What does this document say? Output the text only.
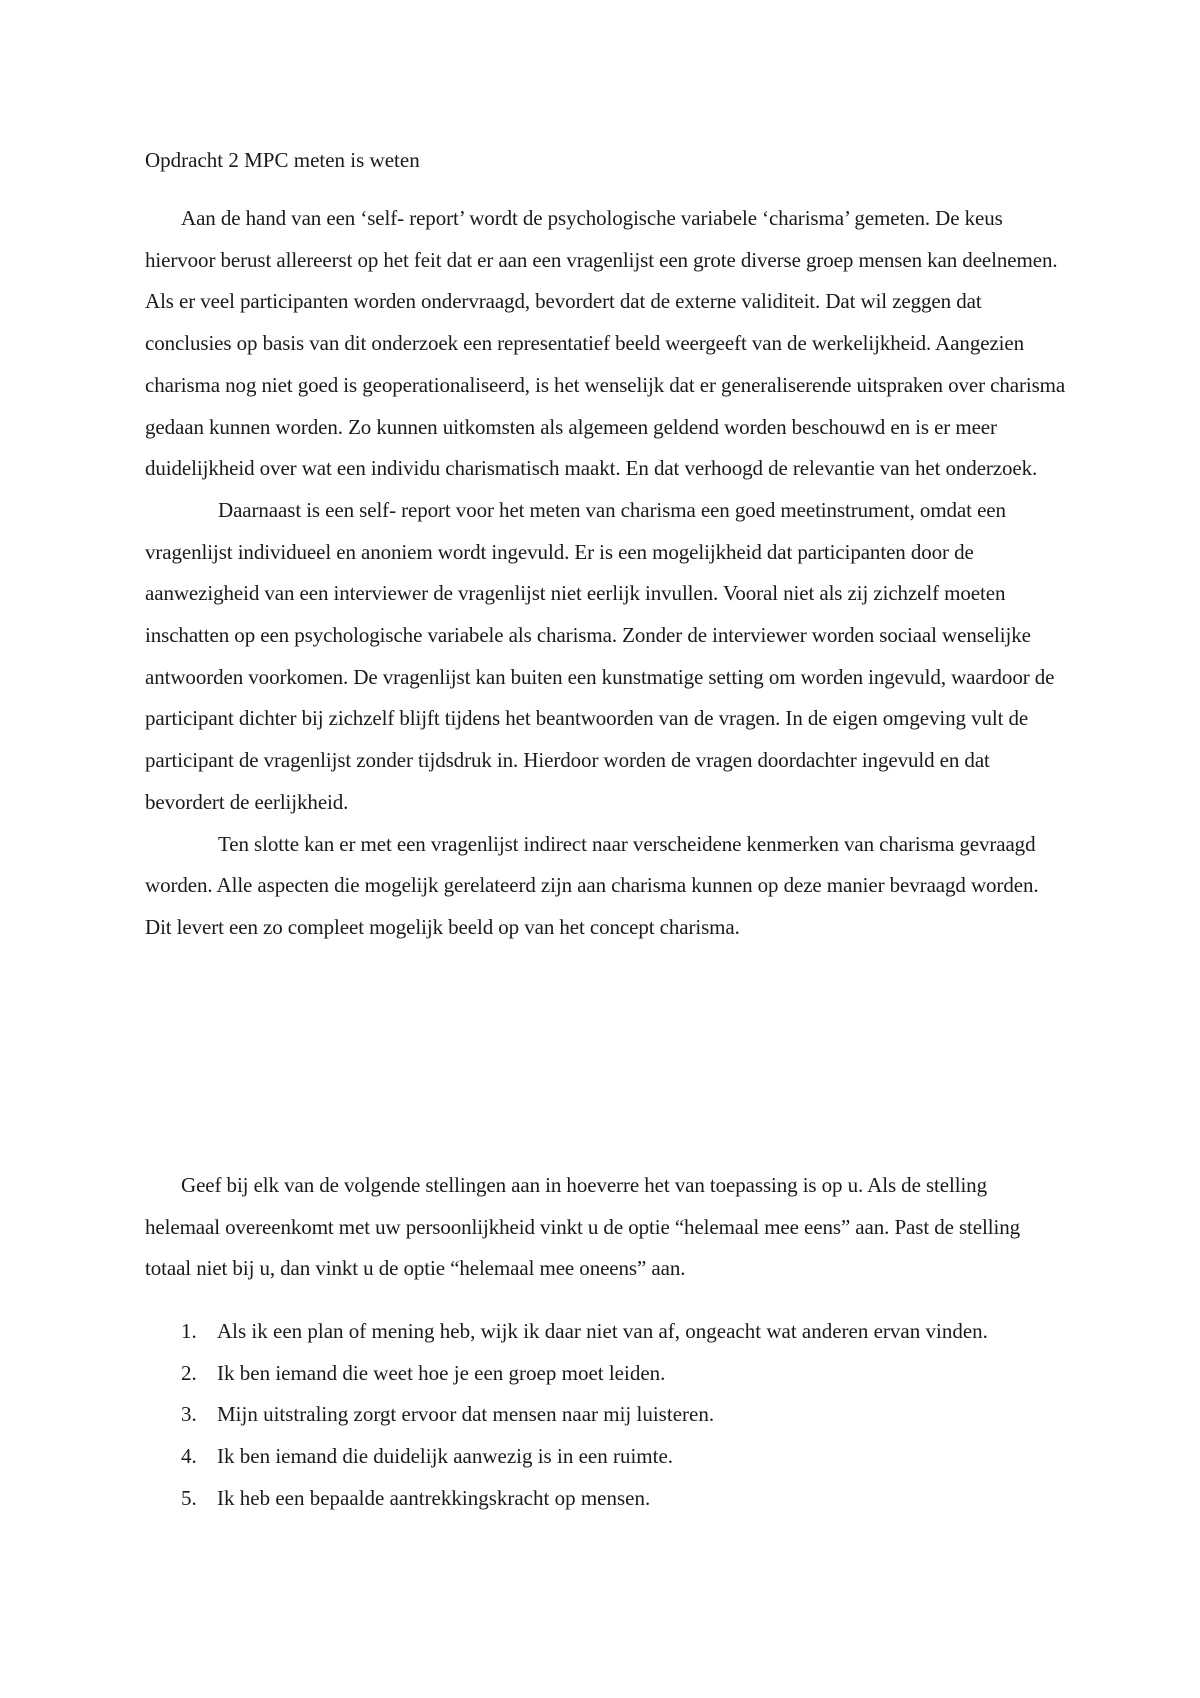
Opdracht 2 MPC meten is weten

Aan de hand van een ‘self- report’ wordt de psychologische variabele ‘charisma’ gemeten. De keus hiervoor berust allereerst op het feit dat er aan een vragenlijst een grote diverse groep mensen kan deelnemen. Als er veel participanten worden ondervraagd, bevordert dat de externe validiteit. Dat wil zeggen dat conclusies op basis van dit onderzoek een representatief beeld weergeeft van de werkelijkheid. Aangezien charisma nog niet goed is geoperationaliseerd, is het wenselijk dat er generaliserende uitspraken over charisma gedaan kunnen worden. Zo kunnen uitkomsten als algemeen geldend worden beschouwd en is er meer duidelijkheid over wat een individu charismatisch maakt. En dat verhoogd de relevantie van het onderzoek.

Daarnaast is een self- report voor het meten van charisma een goed meetinstrument, omdat een vragenlijst individueel en anoniem wordt ingevuld. Er is een mogelijkheid dat participanten door de aanwezigheid van een interviewer de vragenlijst niet eerlijk invullen. Vooral niet als zij zichzelf moeten inschatten op een psychologische variabele als charisma. Zonder de interviewer worden sociaal wenselijke antwoorden voorkomen. De vragenlijst kan buiten een kunstmatige setting om worden ingevuld, waardoor de participant dichter bij zichzelf blijft tijdens het beantwoorden van de vragen. In de eigen omgeving vult de participant de vragenlijst zonder tijdsdruk in. Hierdoor worden de vragen doordachter ingevuld en dat bevordert de eerlijkheid.

Ten slotte kan er met een vragenlijst indirect naar verscheidene kenmerken van charisma gevraagd worden. Alle aspecten die mogelijk gerelateerd zijn aan charisma kunnen op deze manier bevraagd worden. Dit levert een zo compleet mogelijk beeld op van het concept charisma.

Geef bij elk van de volgende stellingen aan in hoeverre het van toepassing is op u. Als de stelling helemaal overeenkomt met uw persoonlijkheid vinkt u de optie “helemaal mee eens” aan. Past de stelling totaal niet bij u, dan vinkt u de optie “helemaal mee oneens” aan.

1. Als ik een plan of mening heb, wijk ik daar niet van af, ongeacht wat anderen ervan vinden.
2. Ik ben iemand die weet hoe je een groep moet leiden.
3. Mijn uitstraling zorgt ervoor dat mensen naar mij luisteren.
4. Ik ben iemand die duidelijk aanwezig is in een ruimte.
5. Ik heb een bepaalde aantrekkingskracht op mensen.
